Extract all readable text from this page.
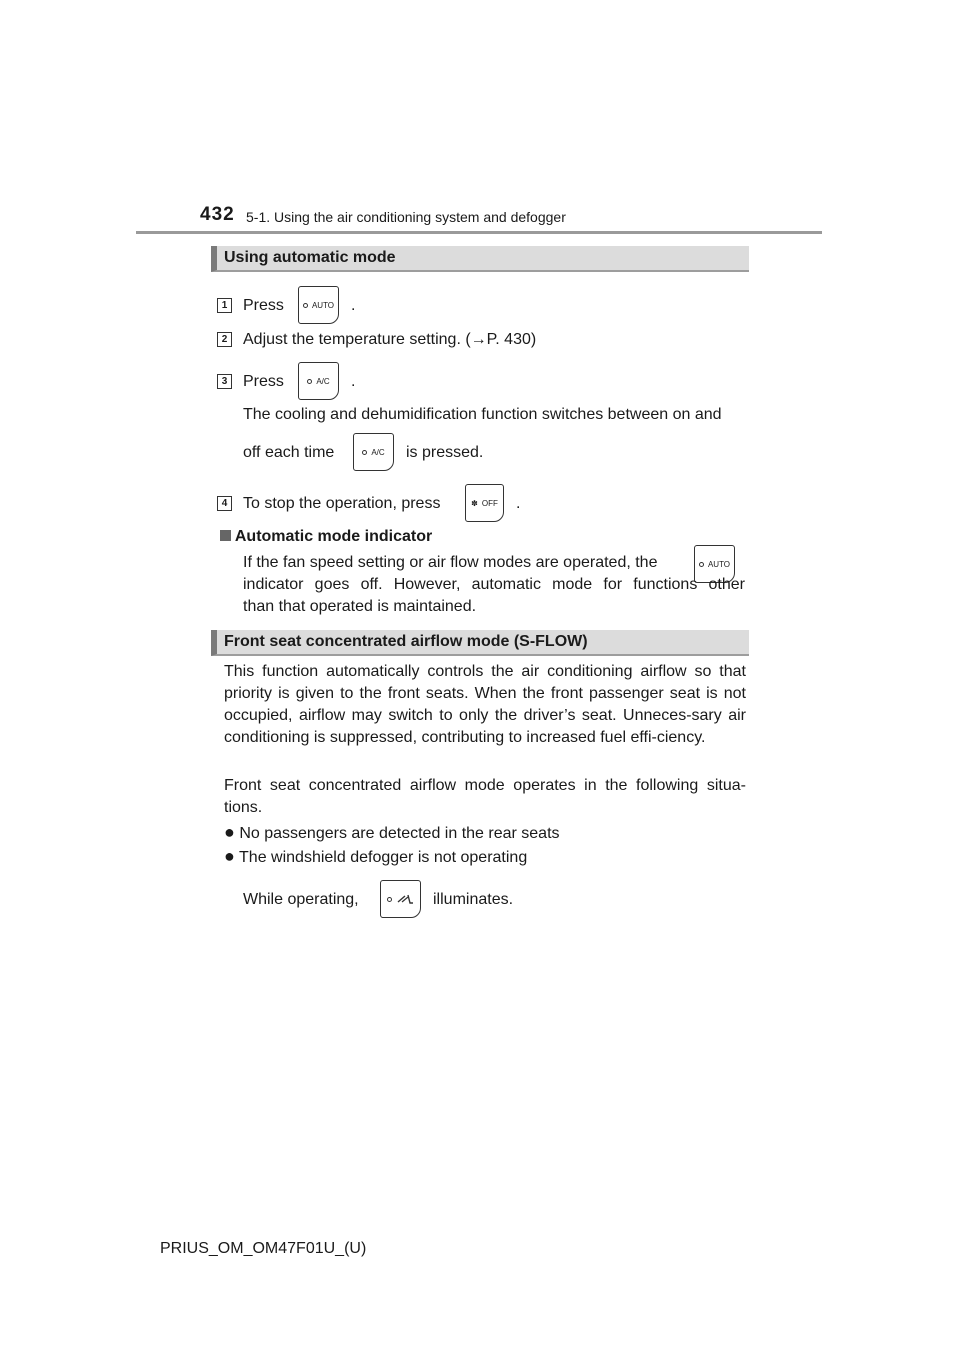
432 5-1. Using the air conditioning system and defogger
Using automatic mode
1 Press	AUTO .
2 Adjust the temperature setting. (→P. 430)
3 Press	A/C .
The cooling and dehumidification function switches between on and
off each time	A/C is pressed.
4 To stop the operation, press	✽ OFF .
Automatic mode indicator
If the fan speed setting or air flow modes are operated, the	AUTO
indicator goes off. However, automatic mode for functions other
than that operated is maintained.
Front seat concentrated airflow mode (S-FLOW)
This function automatically controls the air conditioning airflow so that priority is given to the front seats. When the front passenger seat is not occupied, airflow may switch to only the driver’s seat. Unneces-sary air conditioning is suppressed, contributing to increased fuel effi-ciency.
Front seat concentrated airflow mode operates in the following situa-tions.
● No passengers are detected in the rear seats
● The windshield defogger is not operating
While operating,	illuminates.
PRIUS_OM_OM47F01U_(U)
